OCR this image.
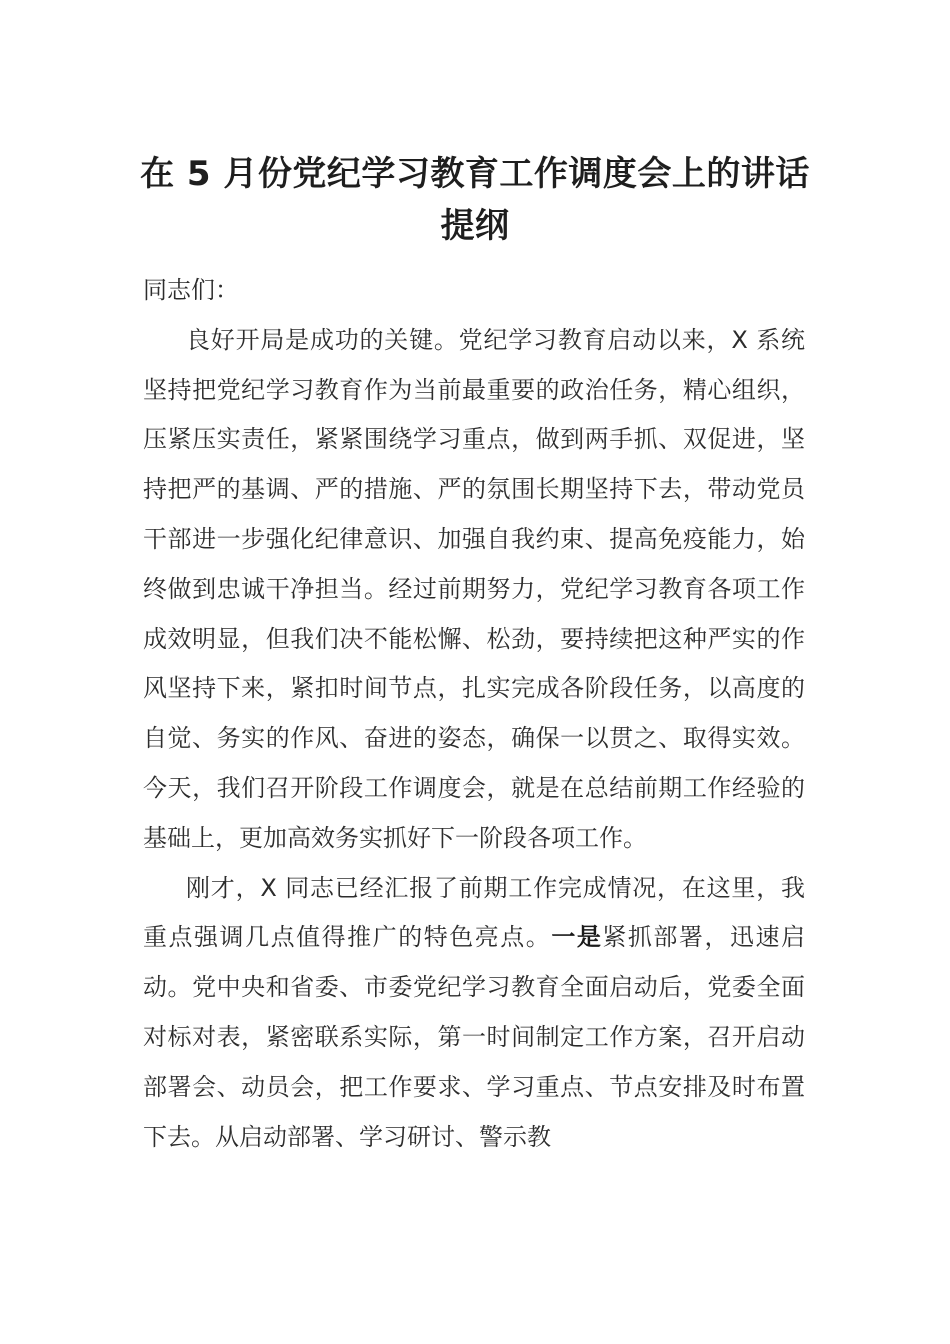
在 5 月份党纪学习教育工作调度会上的讲话提纲

同志们：

良好开局是成功的关键。党纪学习教育启动以来，X 系统坚持把党纪学习教育作为当前最重要的政治任务，精心组织，压紧压实责任，紧紧围绕学习重点，做到两手抓、双促进，坚持把严的基调、严的措施、严的氛围长期坚持下去，带动党员干部进一步强化纪律意识、加强自我约束、提高免疫能力，始终做到忠诚干净担当。经过前期努力，党纪学习教育各项工作成效明显，但我们决不能松懈、松劲，要持续把这种严实的作风坚持下来，紧扣时间节点，扎实完成各阶段任务，以高度的自觉、务实的作风、奋进的姿态，确保一以贯之、取得实效。今天，我们召开阶段工作调度会，就是在总结前期工作经验的基础上，更加高效务实抓好下一阶段各项工作。

刚才，X 同志已经汇报了前期工作完成情况，在这里，我重点强调几点值得推广的特色亮点。一是紧抓部署，迅速启动。党中央和省委、市委党纪学习教育全面启动后，党委全面对标对表，紧密联系实际，第一时间制定工作方案，召开启动部署会、动员会，把工作要求、学习重点、节点安排及时布置下去。从启动部署、学习研讨、警示教
